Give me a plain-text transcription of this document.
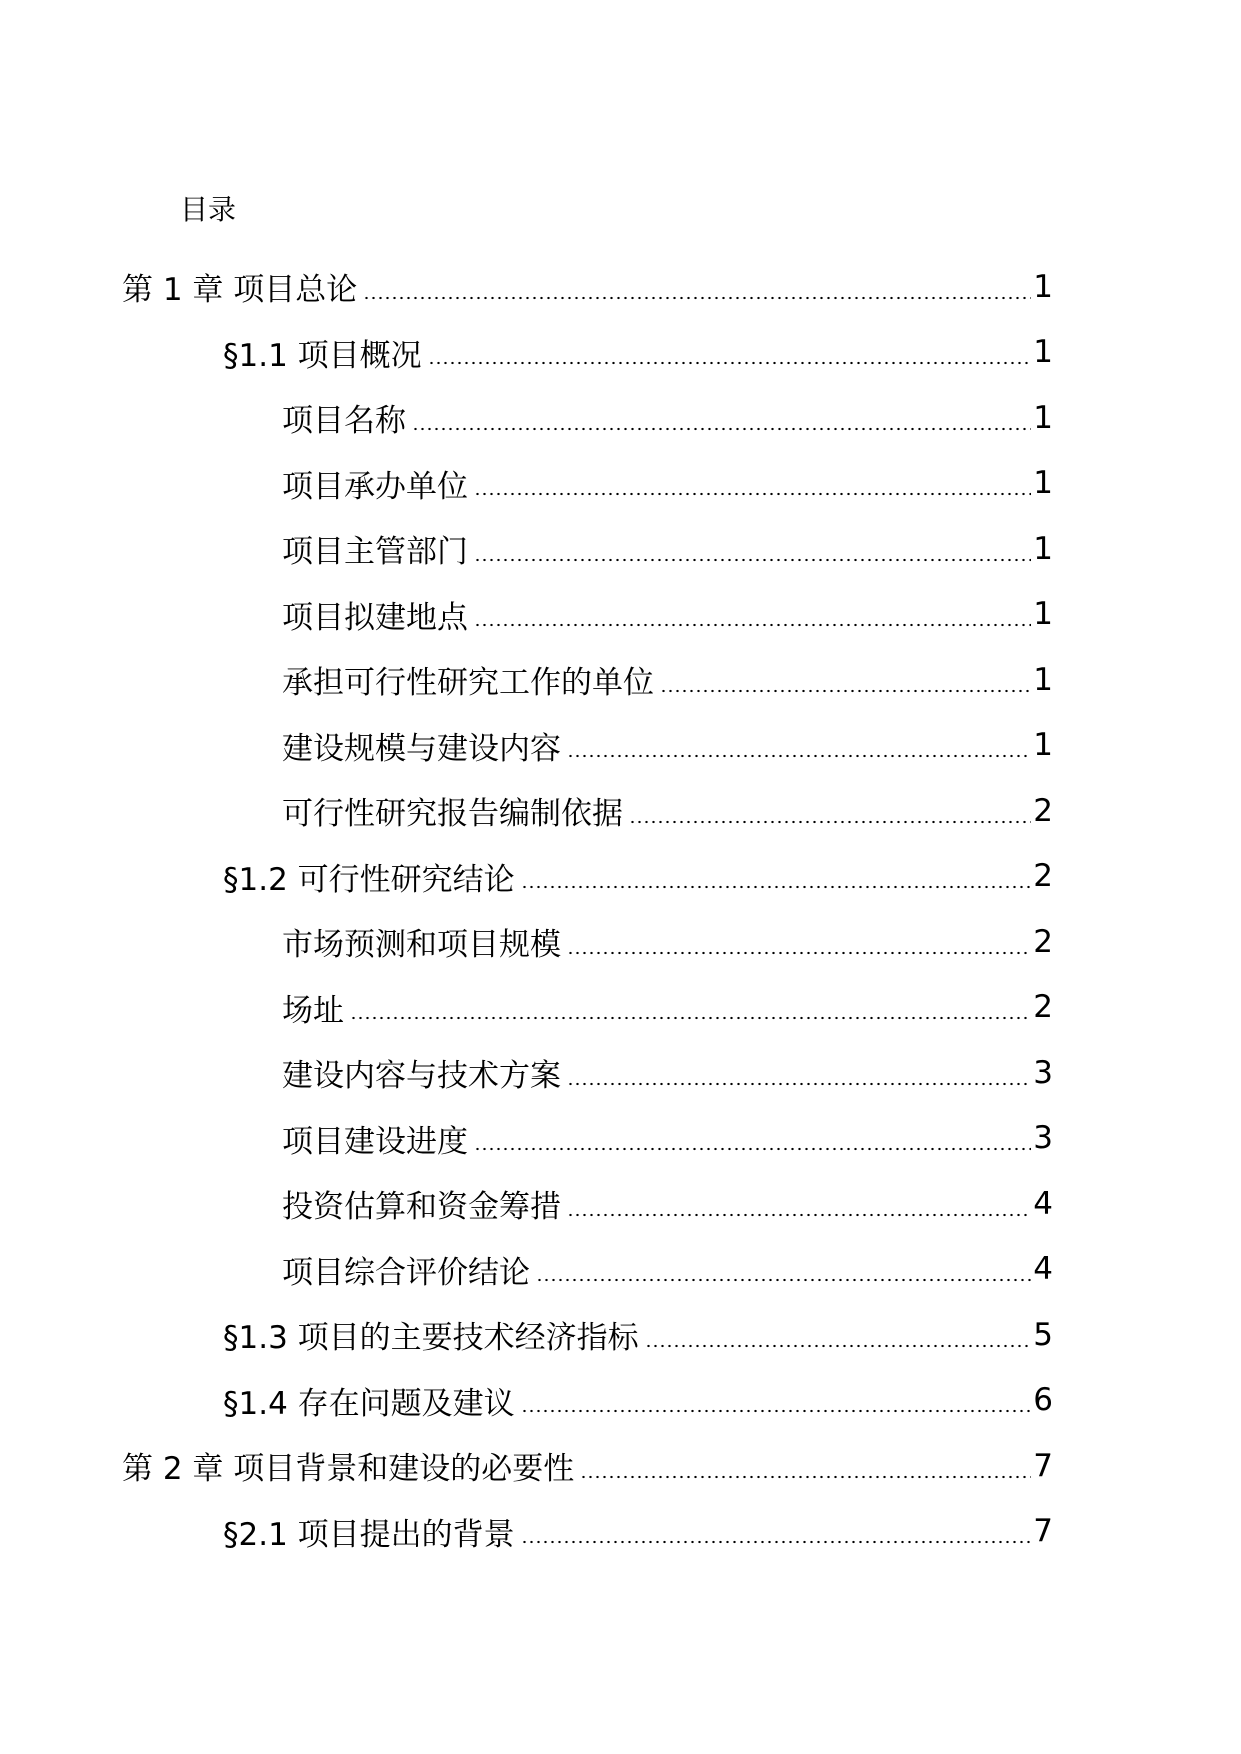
目录
第 1 章 项目总论	1
§1.1 项目概况	1
项目名称	1
项目承办单位	1
项目主管部门	1
项目拟建地点	1
承担可行性研究工作的单位	1
建设规模与建设内容	1
可行性研究报告编制依据	2
§1.2 可行性研究结论	2
市场预测和项目规模	2
场址	2
建设内容与技术方案	3
项目建设进度	3
投资估算和资金筹措	4
项目综合评价结论	4
§1.3 项目的主要技术经济指标	5
§1.4 存在问题及建议	6
第 2 章 项目背景和建设的必要性	7
§2.1 项目提出的背景	7
